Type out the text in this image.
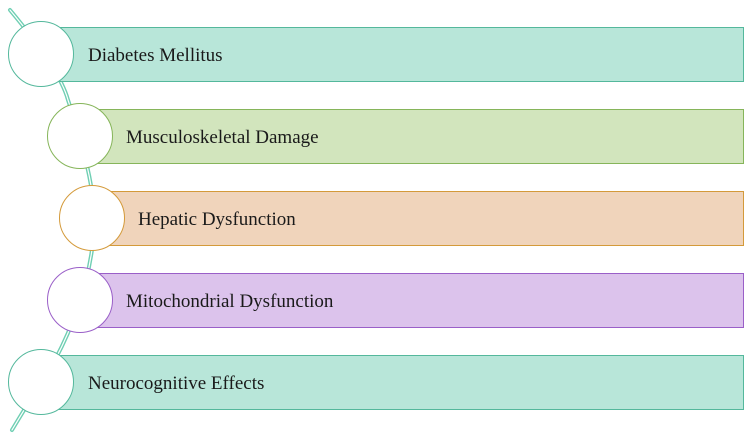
Diabetes Mellitus
Musculoskeletal Damage
Hepatic Dysfunction
Mitochondrial Dysfunction
Neurocognitive Effects
